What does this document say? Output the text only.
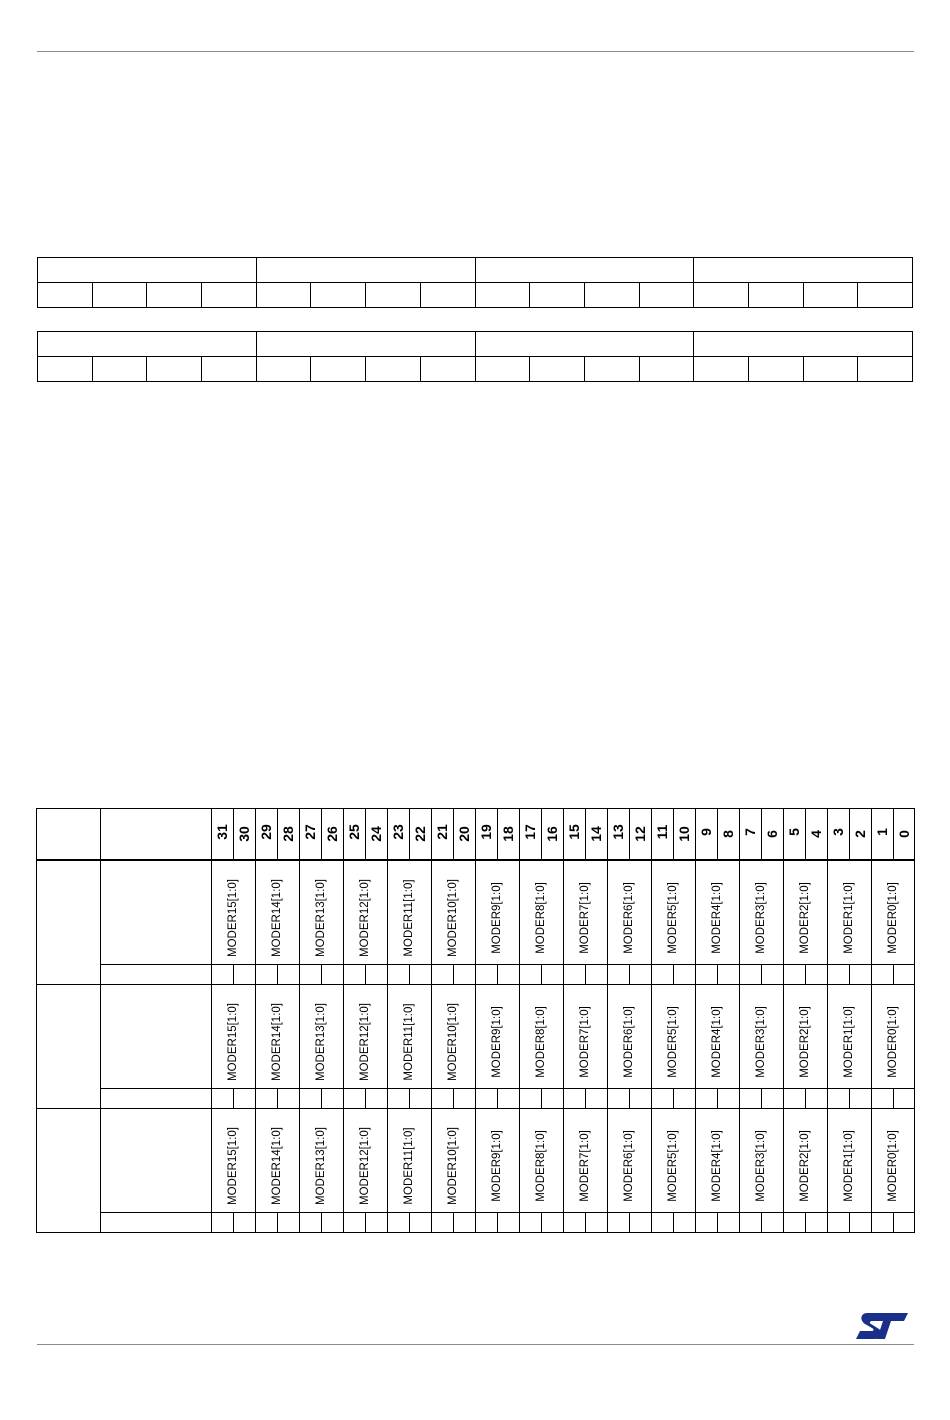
31 30 29 28 27 26 25 24 23 22 21 20 19 18 17 16 15 14 13 12 11 10 9 8 7 6 5 4 3 2 1 0
MODER15[1:0]	MODER14[1:0]	MODER13[1:0]	MODER12[1:0]	MODER11[1:0]	MODER10[1:0]	MODER9[1:0]	MODER8[1:0]	MODER7[1:0]	MODER6[1:0]	MODER5[1:0]	MODER4[1:0]	MODER3[1:0]	MODER2[1:0]	MODER1[1:0]	MODER0[1:0]
MODER15[1:0]	MODER14[1:0]	MODER13[1:0]	MODER12[1:0]	MODER11[1:0]	MODER10[1:0]	MODER9[1:0]	MODER8[1:0]	MODER7[1:0]	MODER6[1:0]	MODER5[1:0]	MODER4[1:0]	MODER3[1:0]	MODER2[1:0]	MODER1[1:0]	MODER0[1:0]
MODER15[1:0]	MODER14[1:0]	MODER13[1:0]	MODER12[1:0]	MODER11[1:0]	MODER10[1:0]	MODER9[1:0]	MODER8[1:0]	MODER7[1:0]	MODER6[1:0]	MODER5[1:0]	MODER4[1:0]	MODER3[1:0]	MODER2[1:0]	MODER1[1:0]	MODER0[1:0]
